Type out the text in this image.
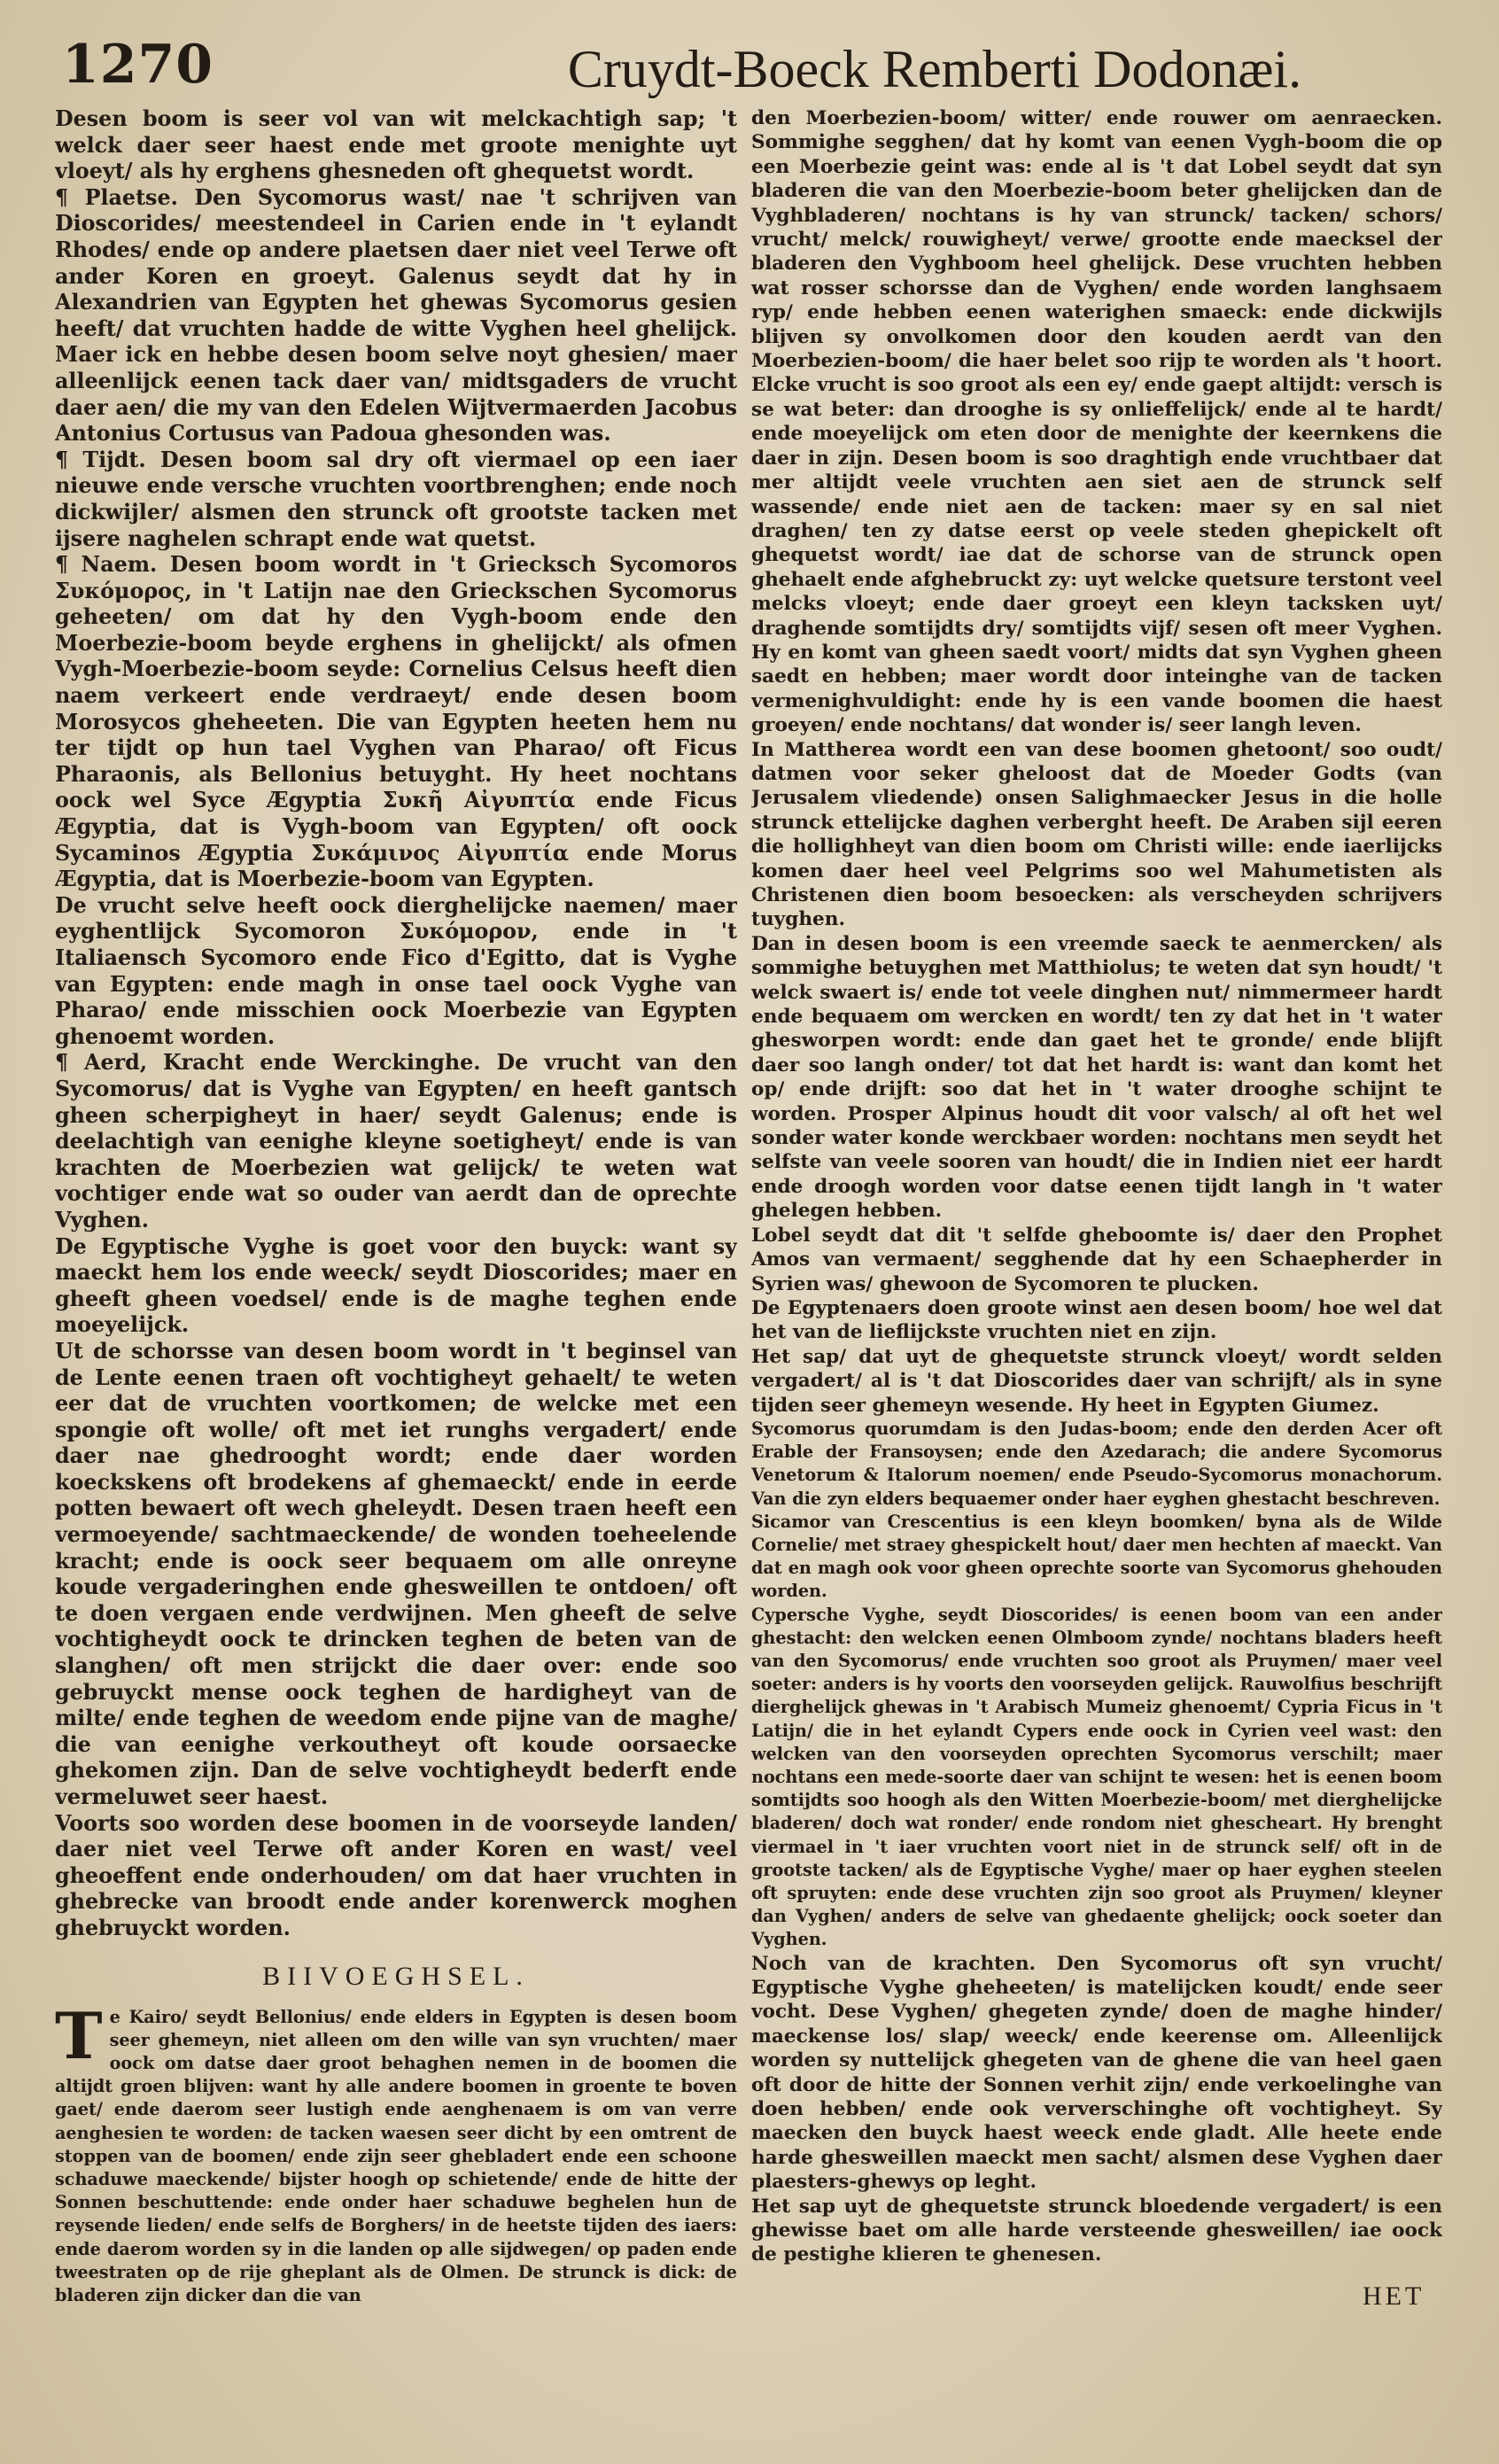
1270	Cruydt-Boeck Remberti Dodonæi.

Desen boom is seer vol van wit melckachtigh sap; 't welck daer seer haest ende met groote menighte uyt vloeyt/ als hy erghens ghesneden oft ghequetst wordt.

¶ Plaetse. Den Sycomorus wast/ nae 't schrijven van Dioscorides/ meestendeel in Carien ende in 't eylandt Rhodes/ ende op andere plaetsen daer niet veel Terwe oft ander Koren en groeyt. Galenus seydt dat hy in Alexandrien van Egypten het ghewas Sycomorus gesien heeft/ dat vruchten hadde de witte Vyghen heel ghelijck. Maer ick en hebbe desen boom selve noyt ghesien/ maer alleenlijck eenen tack daer van/ midtsgaders de vrucht daer aen/ die my van den Edelen Wijtvermaerden Jacobus Antonius Cortusus van Padoua ghesonden was.

¶ Tijdt. Desen boom sal dry oft viermael op een iaer nieuwe ende versche vruchten voortbrenghen; ende noch dickwijler/ alsmen den strunck oft grootste tacken met ijsere naghelen schrapt ende wat quetst.

¶ Naem. Desen boom wordt in 't Griecksch Sycomoros Συκόμορος, in 't Latijn nae den Grieckschen Sycomorus geheeten/ om dat hy den Vygh-boom ende den Moerbezie-boom beyde erghens in ghelijckt/ als ofmen Vygh-Moerbezie-boom seyde: Cornelius Celsus heeft dien naem verkeert ende verdraeyt/ ende desen boom Morosycos gheheeten. Die van Egypten heeten hem nu ter tijdt op hun tael Vyghen van Pharao/ oft Ficus Pharaonis, als Bellonius betuyght. Hy heet nochtans oock wel Syce Ægyptia Συκῆ Αἰγυπτία ende Ficus Ægyptia, dat is Vygh-boom van Egypten/ oft oock Sycaminos Ægyptia Συκάμινος Αἰγυπτία ende Morus Ægyptia, dat is Moerbezie-boom van Egypten.

De vrucht selve heeft oock dierghelijcke naemen/ maer eyghentlijck Sycomoron Συκόμορον, ende in 't Italiaensch Sycomoro ende Fico d'Egitto, dat is Vyghe van Egypten: ende magh in onse tael oock Vyghe van Pharao/ ende misschien oock Moerbezie van Egypten ghenoemt worden.

¶ Aerd, Kracht ende Werckinghe. De vrucht van den Sycomorus/ dat is Vyghe van Egypten/ en heeft gantsch gheen scherpigheyt in haer/ seydt Galenus; ende is deelachtigh van eenighe kleyne soetigheyt/ ende is van krachten de Moerbezien wat gelijck/ te weten wat vochtiger ende wat so ouder van aerdt dan de oprechte Vyghen.

De Egyptische Vyghe is goet voor den buyck: want sy maeckt hem los ende weeck/ seydt Dioscorides; maer en gheeft gheen voedsel/ ende is de maghe teghen ende moeyelijck.

Ut de schorsse van desen boom wordt in 't beginsel van de Lente eenen traen oft vochtigheyt gehaelt/ te weten eer dat de vruchten voortkomen; de welcke met een spongie oft wolle/ oft met iet runghs vergadert/ ende daer nae ghedrooght wordt; ende daer worden koeckskens oft brodekens af ghemaeckt/ ende in eerde potten bewaert oft wech gheleydt. Desen traen heeft een vermoeyende/ sachtmaeckende/ de wonden toeheelende kracht; ende is oock seer bequaem om alle onreyne koude vergaderinghen ende ghesweillen te ontdoen/ oft te doen vergaen ende verdwijnen. Men gheeft de selve vochtigheydt oock te drincken teghen de beten van de slanghen/ oft men strijckt die daer over: ende soo gebruyckt mense oock teghen de hardigheyt van de milte/ ende teghen de weedom ende pijne van de maghe/ die van eenighe verkoutheyt oft koude oorsaecke ghekomen zijn. Dan de selve vochtigheydt bederft ende vermeluwet seer haest.

Voorts soo worden dese boomen in de voorseyde landen/ daer niet veel Terwe oft ander Koren en wast/ veel gheoeffent ende onderhouden/ om dat haer vruchten in ghebrecke van broodt ende ander korenwerck moghen ghebruyckt worden.

BIIVOEGHSEL.

Te Kairo/ seydt Bellonius/ ende elders in Egypten is desen boom seer ghemeyn, niet alleen om den wille van syn vruchten/ maer oock om datse daer groot behaghen nemen in de boomen die altijdt groen blijven: want hy alle andere boomen in groente te boven gaet/ ende daerom seer lustigh ende aenghenaem is om van verre aenghesien te worden: de tacken waesen seer dicht by een omtrent de stoppen van de boomen/ ende zijn seer ghebladert ende een schoone schaduwe maeckende/ bijster hoogh op schietende/ ende de hitte der Sonnen beschuttende: ende onder haer schaduwe beghelen hun de reysende lieden/ ende selfs de Borghers/ in de heetste tijden des iaers: ende daerom worden sy in die landen op alle sijdwegen/ op paden ende tweestraten op de rije gheplant als de Olmen. De strunck is dick: de bladeren zijn dicker dan die van

den Moerbezien-boom/ witter/ ende rouwer om aenraecken. Sommighe segghen/ dat hy komt van eenen Vygh-boom die op een Moerbezie geint was: ende al is 't dat Lobel seydt dat syn bladeren die van den Moerbezie-boom beter ghelijcken dan de Vyghbladeren/ nochtans is hy van strunck/ tacken/ schors/ vrucht/ melck/ rouwigheyt/ verwe/ grootte ende maecksel der bladeren den Vyghboom heel ghelijck. Dese vruchten hebben wat rosser schorsse dan de Vyghen/ ende worden langhsaem ryp/ ende hebben eenen waterighen smaeck: ende dickwijls blijven sy onvolkomen door den kouden aerdt van den Moerbezien-boom/ die haer belet soo rijp te worden als 't hoort. Elcke vrucht is soo groot als een ey/ ende gaept altijdt: versch is se wat beter: dan drooghe is sy onlieffelijck/ ende al te hardt/ ende moeyelijck om eten door de menighte der keernkens die daer in zijn. Desen boom is soo draghtigh ende vruchtbaer dat mer altijdt veele vruchten aen siet aen de strunck self wassende/ ende niet aen de tacken: maer sy en sal niet draghen/ ten zy datse eerst op veele steden ghepickelt oft ghequetst wordt/ iae dat de schorse van de strunck open ghehaelt ende afghebruckt zy: uyt welcke quetsure terstont veel melcks vloeyt; ende daer groeyt een kleyn tacksken uyt/ draghende somtijdts dry/ somtijdts vijf/ sesen oft meer Vyghen. Hy en komt van gheen saedt voort/ midts dat syn Vyghen gheen saedt en hebben; maer wordt door inteinghe van de tacken vermenighvuldight: ende hy is een vande boomen die haest groeyen/ ende nochtans/ dat wonder is/ seer langh leven.

In Mattherea wordt een van dese boomen ghetoont/ soo oudt/ datmen voor seker gheloost dat de Moeder Godts (van Jerusalem vliedende) onsen Salighmaecker Jesus in die holle strunck ettelijcke daghen verberght heeft. De Araben sijl eeren die hollighheyt van dien boom om Christi wille: ende iaerlijcks komen daer heel veel Pelgrims soo wel Mahumetisten als Christenen dien boom besoecken: als verscheyden schrijvers tuyghen.

Dan in desen boom is een vreemde saeck te aenmercken/ als sommighe betuyghen met Matthiolus; te weten dat syn houdt/ 't welck swaert is/ ende tot veele dinghen nut/ nimmermeer hardt ende bequaem om wercken en wordt/ ten zy dat het in 't water ghesworpen wordt: ende dan gaet het te gronde/ ende blijft daer soo langh onder/ tot dat het hardt is: want dan komt het op/ ende drijft: soo dat het in 't water drooghe schijnt te worden. Prosper Alpinus houdt dit voor valsch/ al oft het wel sonder water konde werckbaer worden: nochtans men seydt het selfste van veele sooren van houdt/ die in Indien niet eer hardt ende droogh worden voor datse eenen tijdt langh in 't water ghelegen hebben.

Lobel seydt dat dit 't selfde gheboomte is/ daer den Prophet Amos van vermaent/ segghende dat hy een Schaepherder in Syrien was/ ghewoon de Sycomoren te plucken.

De Egyptenaers doen groote winst aen desen boom/ hoe wel dat het van de lieflijckste vruchten niet en zijn.

Het sap/ dat uyt de ghequetste strunck vloeyt/ wordt selden vergadert/ al is 't dat Dioscorides daer van schrijft/ als in syne tijden seer ghemeyn wesende. Hy heet in Egypten Giumez.

Sycomorus quorumdam is den Judas-boom; ende den derden Acer oft Erable der Fransoysen; ende den Azedarach; die andere Sycomorus Venetorum & Italorum noemen/ ende Pseudo-Sycomorus monachorum. Van die zyn elders bequaemer onder haer eyghen ghestacht beschreven.

Sicamor van Crescentius is een kleyn boomken/ byna als de Wilde Cornelie/ met straey ghespickelt hout/ daer men hechten af maeckt. Van dat en magh ook voor gheen oprechte soorte van Sycomorus ghehouden worden.

Cypersche Vyghe, seydt Dioscorides/ is eenen boom van een ander ghestacht: den welcken eenen Olmboom zynde/ nochtans bladers heeft van den Sycomorus/ ende vruchten soo groot als Pruymen/ maer veel soeter: anders is hy voorts den voorseyden gelijck. Rauwolfius beschrijft dierghelijck ghewas in 't Arabisch Mumeiz ghenoemt/ Cypria Ficus in 't Latijn/ die in het eylandt Cypers ende oock in Cyrien veel wast: den welcken van den voorseyden oprechten Sycomorus verschilt; maer nochtans een mede-soorte daer van schijnt te wesen: het is eenen boom somtijdts soo hoogh als den Witten Moerbezie-boom/ met dierghelijcke bladeren/ doch wat ronder/ ende rondom niet ghescheart. Hy brenght viermael in 't iaer vruchten voort niet in de strunck self/ oft in de grootste tacken/ als de Egyptische Vyghe/ maer op haer eyghen steelen oft spruyten: ende dese vruchten zijn soo groot als Pruymen/ kleyner dan Vyghen/ anders de selve van ghedaente ghelijck; oock soeter dan Vyghen.

Noch van de krachten. Den Sycomorus oft syn vrucht/ Egyptische Vyghe gheheeten/ is matelijcken koudt/ ende seer vocht. Dese Vyghen/ ghegeten zynde/ doen de maghe hinder/ maeckense los/ slap/ weeck/ ende keerense om. Alleenlijck worden sy nuttelijck ghegeten van de ghene die van heel gaen oft door de hitte der Sonnen verhit zijn/ ende verkoelinghe van doen hebben/ ende ook ververschinghe oft vochtigheyt. Sy maecken den buyck haest weeck ende gladt. Alle heete ende harde ghesweillen maeckt men sacht/ alsmen dese Vyghen daer plaesters-ghewys op leght.

Het sap uyt de ghequetste strunck bloedende vergadert/ is een ghewisse baet om alle harde versteende ghesweillen/ iae oock de pestighe klieren te ghenesen.

HET
